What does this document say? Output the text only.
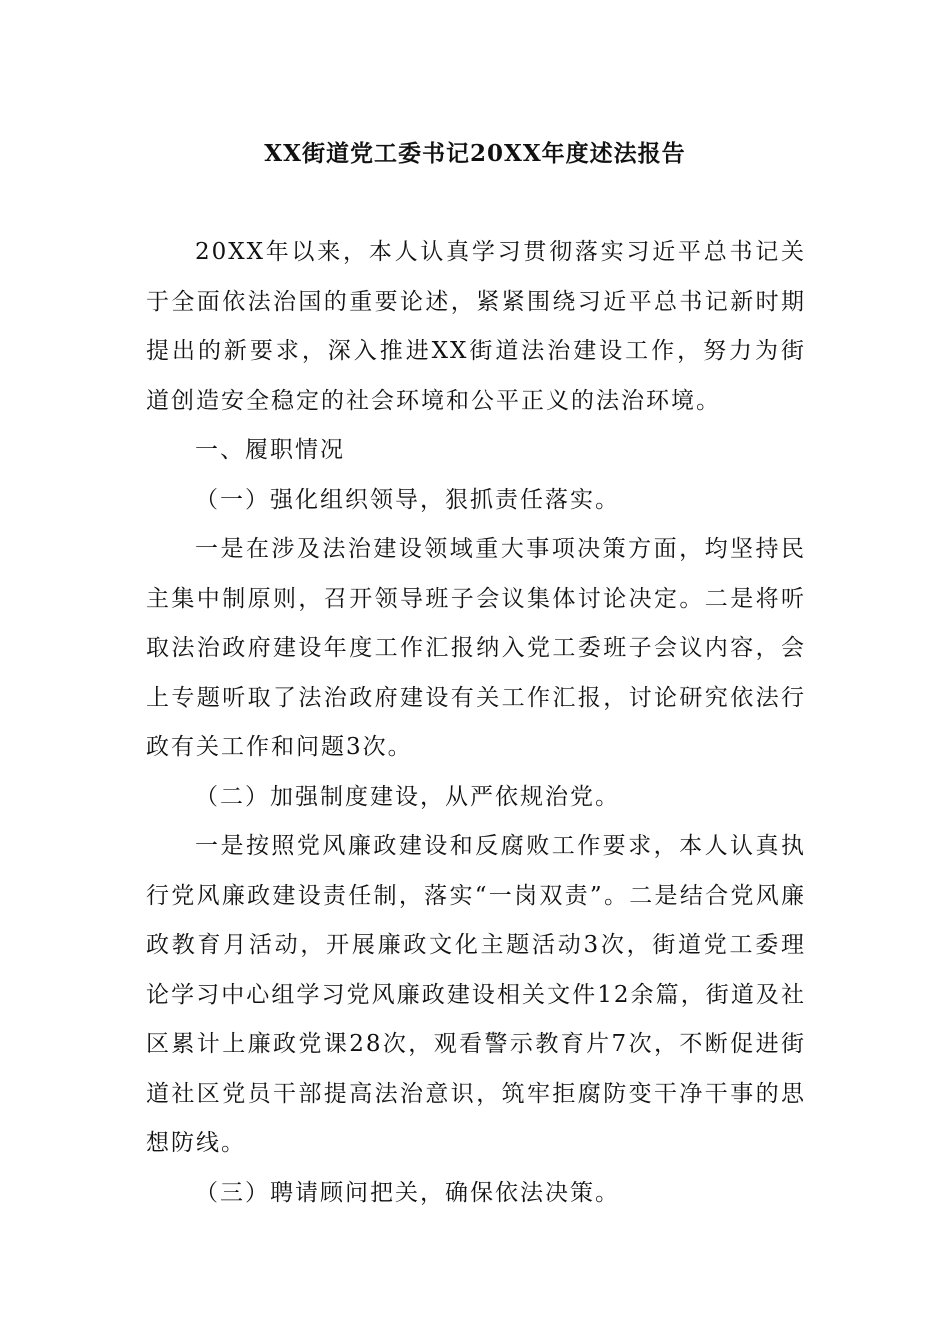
XX街道党工委书记20XX年度述法报告

20XX年以来，本人认真学习贯彻落实习近平总书记关于全面依法治国的重要论述，紧紧围绕习近平总书记新时期提出的新要求，深入推进XX街道法治建设工作，努力为街道创造安全稳定的社会环境和公平正义的法治环境。

一、履职情况

（一）强化组织领导，狠抓责任落实。

一是在涉及法治建设领域重大事项决策方面，均坚持民主集中制原则，召开领导班子会议集体讨论决定。二是将听取法治政府建设年度工作汇报纳入党工委班子会议内容，会上专题听取了法治政府建设有关工作汇报，讨论研究依法行政有关工作和问题3次。

（二）加强制度建设，从严依规治党。

一是按照党风廉政建设和反腐败工作要求，本人认真执行党风廉政建设责任制，落实“一岗双责”。二是结合党风廉政教育月活动，开展廉政文化主题活动3次，街道党工委理论学习中心组学习党风廉政建设相关文件12余篇，街道及社区累计上廉政党课28次，观看警示教育片7次，不断促进街道社区党员干部提高法治意识，筑牢拒腐防变干净干事的思想防线。

（三）聘请顾问把关，确保依法决策。
